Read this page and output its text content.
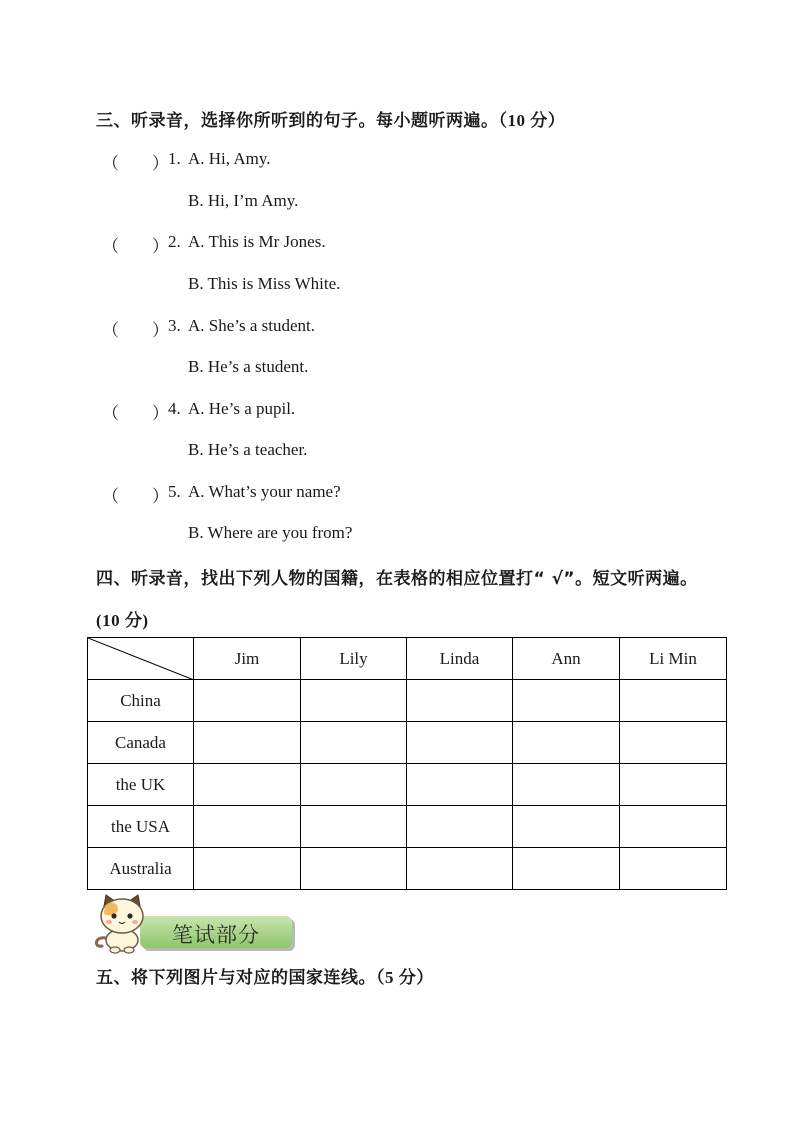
三、听录音，选择你所听到的句子。每小题听两遍。（10 分）
（ ） 1. A. Hi, Amy.
B. Hi, I’m Amy.
（ ） 2. A. This is Mr Jones.
B. This is Miss White.
（ ） 3. A. She’s a student.
B. He’s a student.
（ ） 4. A. He’s a pupil.
B. He’s a teacher.
（ ） 5. A. What’s your name?
B. Where are you from?
四、听录音，找出下列人物的国籍，在表格的相应位置打“ √”。短文听两遍。
(10 分)
	Jim	Lily	Linda	Ann	Li Min
China					
Canada					
the UK					
the USA					
Australia					
笔试部分
五、将下列图片与对应的国家连线。（5 分）
